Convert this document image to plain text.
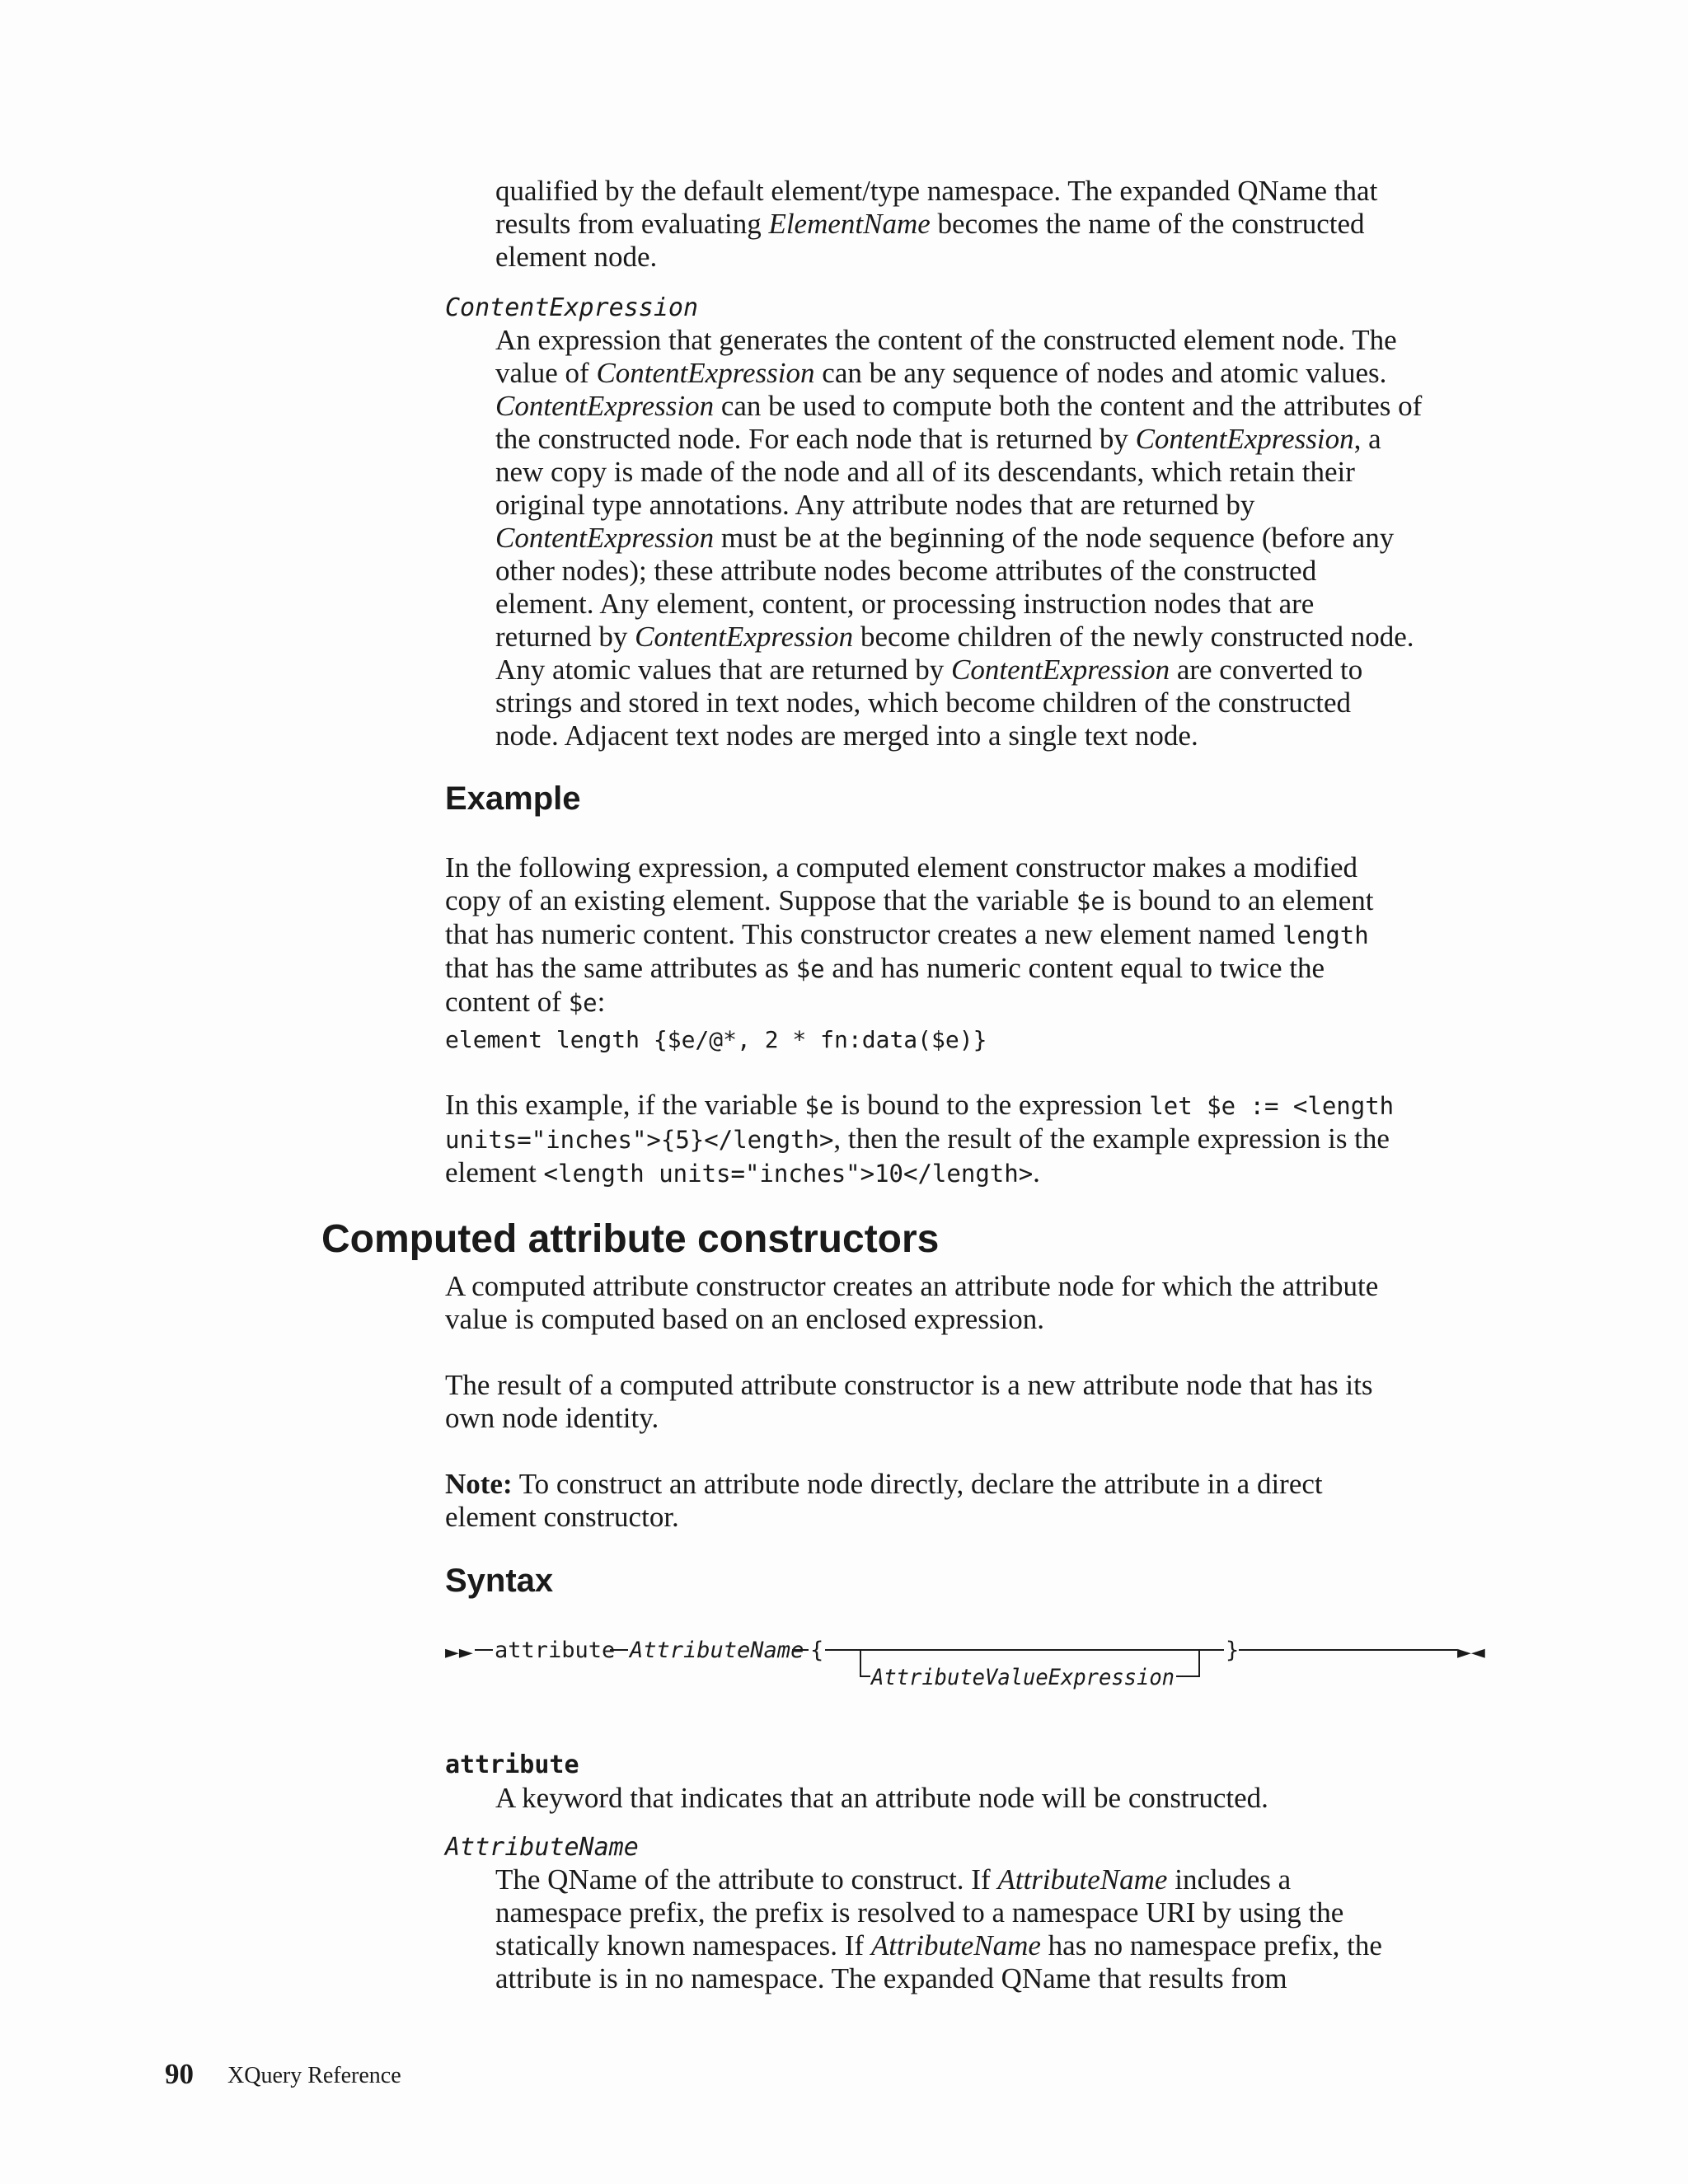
qualified by the default element/type namespace. The expanded QName that
results from evaluating ElementName becomes the name of the constructed
element node.
ContentExpression
An expression that generates the content of the constructed element node. The
value of ContentExpression can be any sequence of nodes and atomic values.
ContentExpression can be used to compute both the content and the attributes of
the constructed node. For each node that is returned by ContentExpression, a
new copy is made of the node and all of its descendants, which retain their
original type annotations. Any attribute nodes that are returned by
ContentExpression must be at the beginning of the node sequence (before any
other nodes); these attribute nodes become attributes of the constructed
element. Any element, content, or processing instruction nodes that are
returned by ContentExpression become children of the newly constructed node.
Any atomic values that are returned by ContentExpression are converted to
strings and stored in text nodes, which become children of the constructed
node. Adjacent text nodes are merged into a single text node.
Example
In the following expression, a computed element constructor makes a modified
copy of an existing element. Suppose that the variable $e is bound to an element
that has numeric content. This constructor creates a new element named length
that has the same attributes as $e and has numeric content equal to twice the
content of $e:
element length {$e/@*, 2 * fn:data($e)}
In this example, if the variable $e is bound to the expression let $e := <length
units="inches">{5}</length>, then the result of the example expression is the
element <length units="inches">10</length>.
Computed attribute constructors
A computed attribute constructor creates an attribute node for which the attribute
value is computed based on an enclosed expression.
The result of a computed attribute constructor is a new attribute node that has its
own node identity.
Note: To construct an attribute node directly, declare the attribute in a direct
element constructor.
Syntax
►► attribute AttributeName {
AttributeValueExpression
}	►◄
attribute
A keyword that indicates that an attribute node will be constructed.
AttributeName
The QName of the attribute to construct. If AttributeName includes a
namespace prefix, the prefix is resolved to a namespace URI by using the
statically known namespaces. If AttributeName has no namespace prefix, the
attribute is in no namespace. The expanded QName that results from
90 XQuery Reference
